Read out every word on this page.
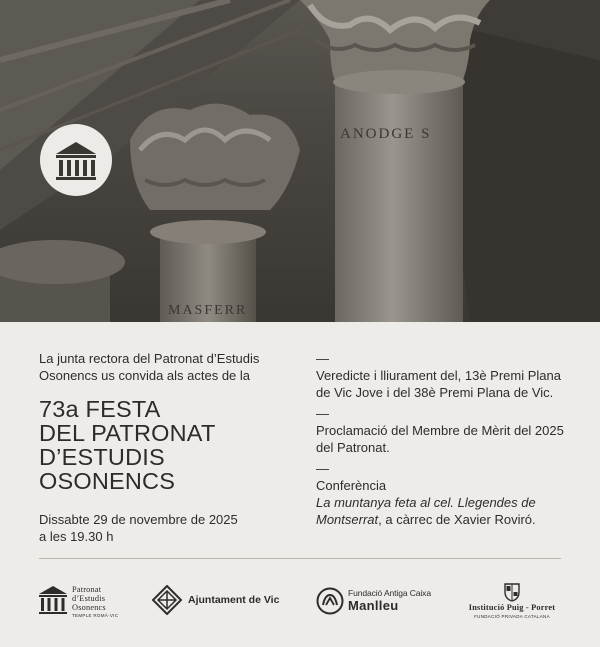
ANODGE S
MASFERR
La junta rectora del Patronat d’Estudis
Osonencs us convida als actes de la
73a FESTA
DEL PATRONAT
D’ESTUDIS
OSONENCS
Dissabte 29 de novembre de 2025
a les 19.30 h
—
Veredicte i lliurament del, 13è Premi Plana
de Vic Jove i del 38è Premi Plana de Vic.
—
Proclamació del Membre de Mèrit del 2025
del Patronat.
—
Conferència
La muntanya feta al cel. Llegendes de
Montserrat, a càrrec de Xavier Roviró.
Patronat
d’Estudis
Osonencs
TEMPLE ROMÀ·VIC
Ajuntament de Vic
Fundació Antiga Caixa
Manlleu	Institució Puig - Porret
FUNDACIÓ PRIVADA CATALANA
